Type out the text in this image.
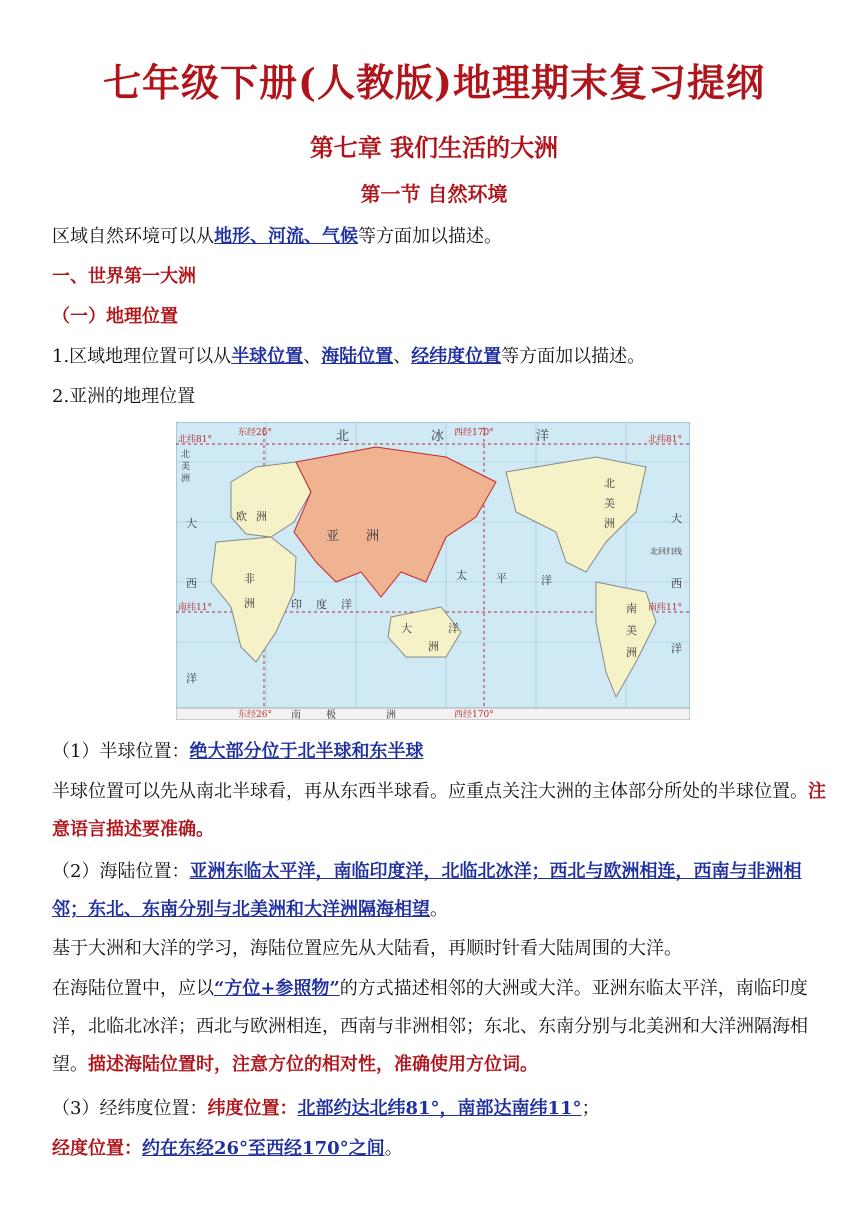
七年级下册(人教版)地理期末复习提纲
第七章 我们生活的大洲
第一节 自然环境
区域自然环境可以从地形、河流、气候等方面加以描述。
一、世界第一大洲
（一）地理位置
1.区域地理位置可以从半球位置、海陆位置、经纬度位置等方面加以描述。
2.亚洲的地理位置
东经26°	西经170°
东经26°	西经170°
北纬81°	北纬81°
南纬11°	南纬11°
北回归线
北	冰	洋
亚 洲
欧 洲
非
洲	印 度 洋
太	平	洋
大	洋
洲
北
美
洲
南
美
洲
大
西
洋
大
西
洋
南	极	洲
北
美
洲
（1）半球位置：绝大部分位于北半球和东半球
半球位置可以先从南北半球看，再从东西半球看。应重点关注大洲的主体部分所处的半球位置。注意语言描述要准确。
（2）海陆位置：亚洲东临太平洋，南临印度洋，北临北冰洋；西北与欧洲相连，西南与非洲相邻；东北、东南分别与北美洲和大洋洲隔海相望。
基于大洲和大洋的学习，海陆位置应先从大陆看，再顺时针看大陆周围的大洋。
在海陆位置中，应以“方位+参照物”的方式描述相邻的大洲或大洋。亚洲东临太平洋，南临印度洋，北临北冰洋；西北与欧洲相连，西南与非洲相邻；东北、东南分别与北美洲和大洋洲隔海相望。描述海陆位置时，注意方位的相对性，准确使用方位词。
（3）经纬度位置：纬度位置：北部约达北纬81°，南部达南纬11°；
经度位置：约在东经26°至西经170°之间。
